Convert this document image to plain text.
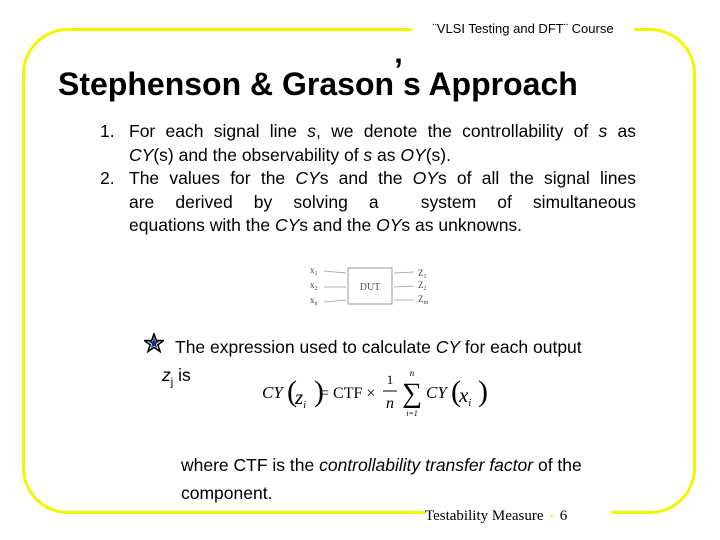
¨VLSI Testing and DFT¨ Course
Stephenson & Grason’s Approach
1. For each signal line s, we denote the controllability of s as
CY(s) and the observability of s as OY(s).
2. The values for the CYs and the OYs of all the signal lines
are  derived  by  solving  a    system  of  simultaneous
equations with the CYs and the OYs as unknowns.
$x_1$
$x_2$
$x_n$
$Z_1$
$Z_2$
$Z_m$
DUT
The expression used to calculate CY for each output
$z_j$ is
CY (
zi )
= CTF ×
1
n
n
∑
i=1
CY (
xi )
where CTF is the controllability transfer factor of the
component.
Testability Measure • 6
